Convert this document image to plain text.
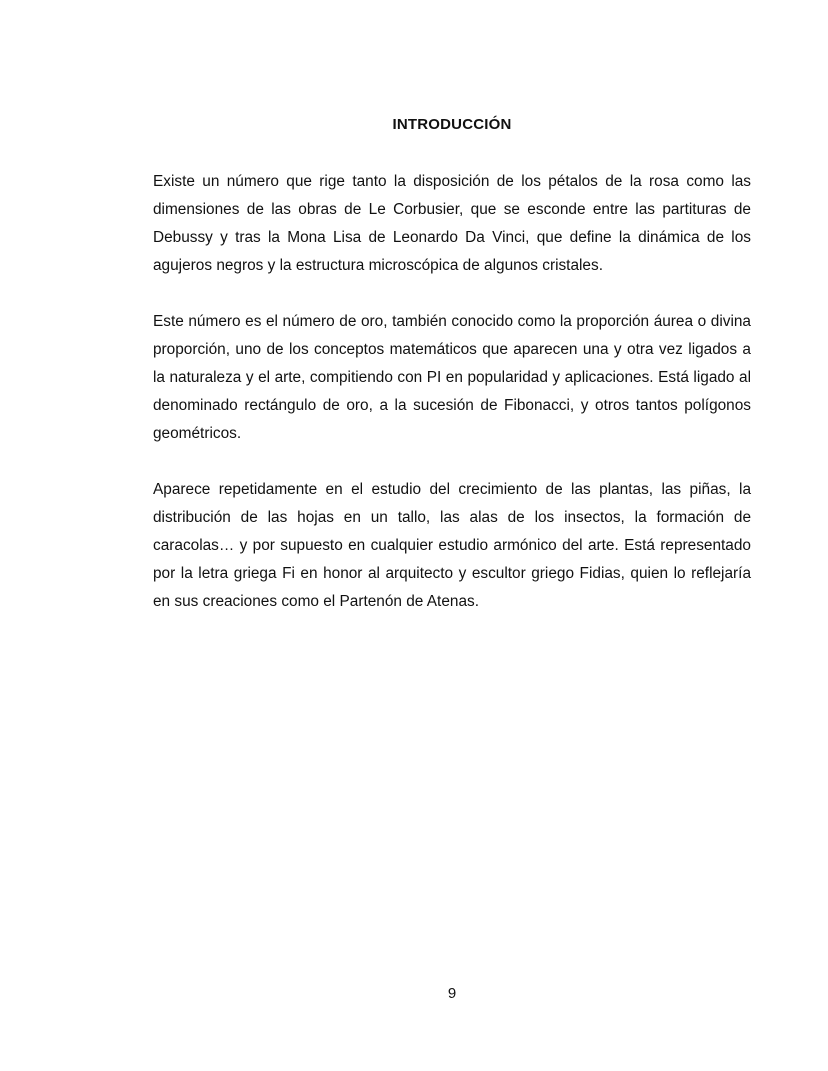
INTRODUCCIÓN

Existe un número que rige tanto la disposición de los pétalos de la rosa como las dimensiones de las obras de Le Corbusier, que se esconde entre las partituras de Debussy y tras la Mona Lisa de Leonardo Da Vinci, que define la dinámica de los agujeros negros y la estructura microscópica de algunos cristales.

Este número es el número de oro, también conocido como la proporción áurea o divina proporción, uno de los conceptos matemáticos que aparecen una y otra vez ligados a la naturaleza y el arte, compitiendo con PI en popularidad y aplicaciones. Está ligado al denominado rectángulo de oro, a la sucesión de Fibonacci, y otros tantos polígonos geométricos.

Aparece repetidamente en el estudio del crecimiento de las plantas, las piñas, la distribución de las hojas en un tallo, las alas de los insectos, la formación de caracolas… y por supuesto en cualquier estudio armónico del arte. Está representado por la letra griega Fi en honor al arquitecto y escultor griego Fidias, quien lo reflejaría en sus creaciones como el Partenón de Atenas.

9
